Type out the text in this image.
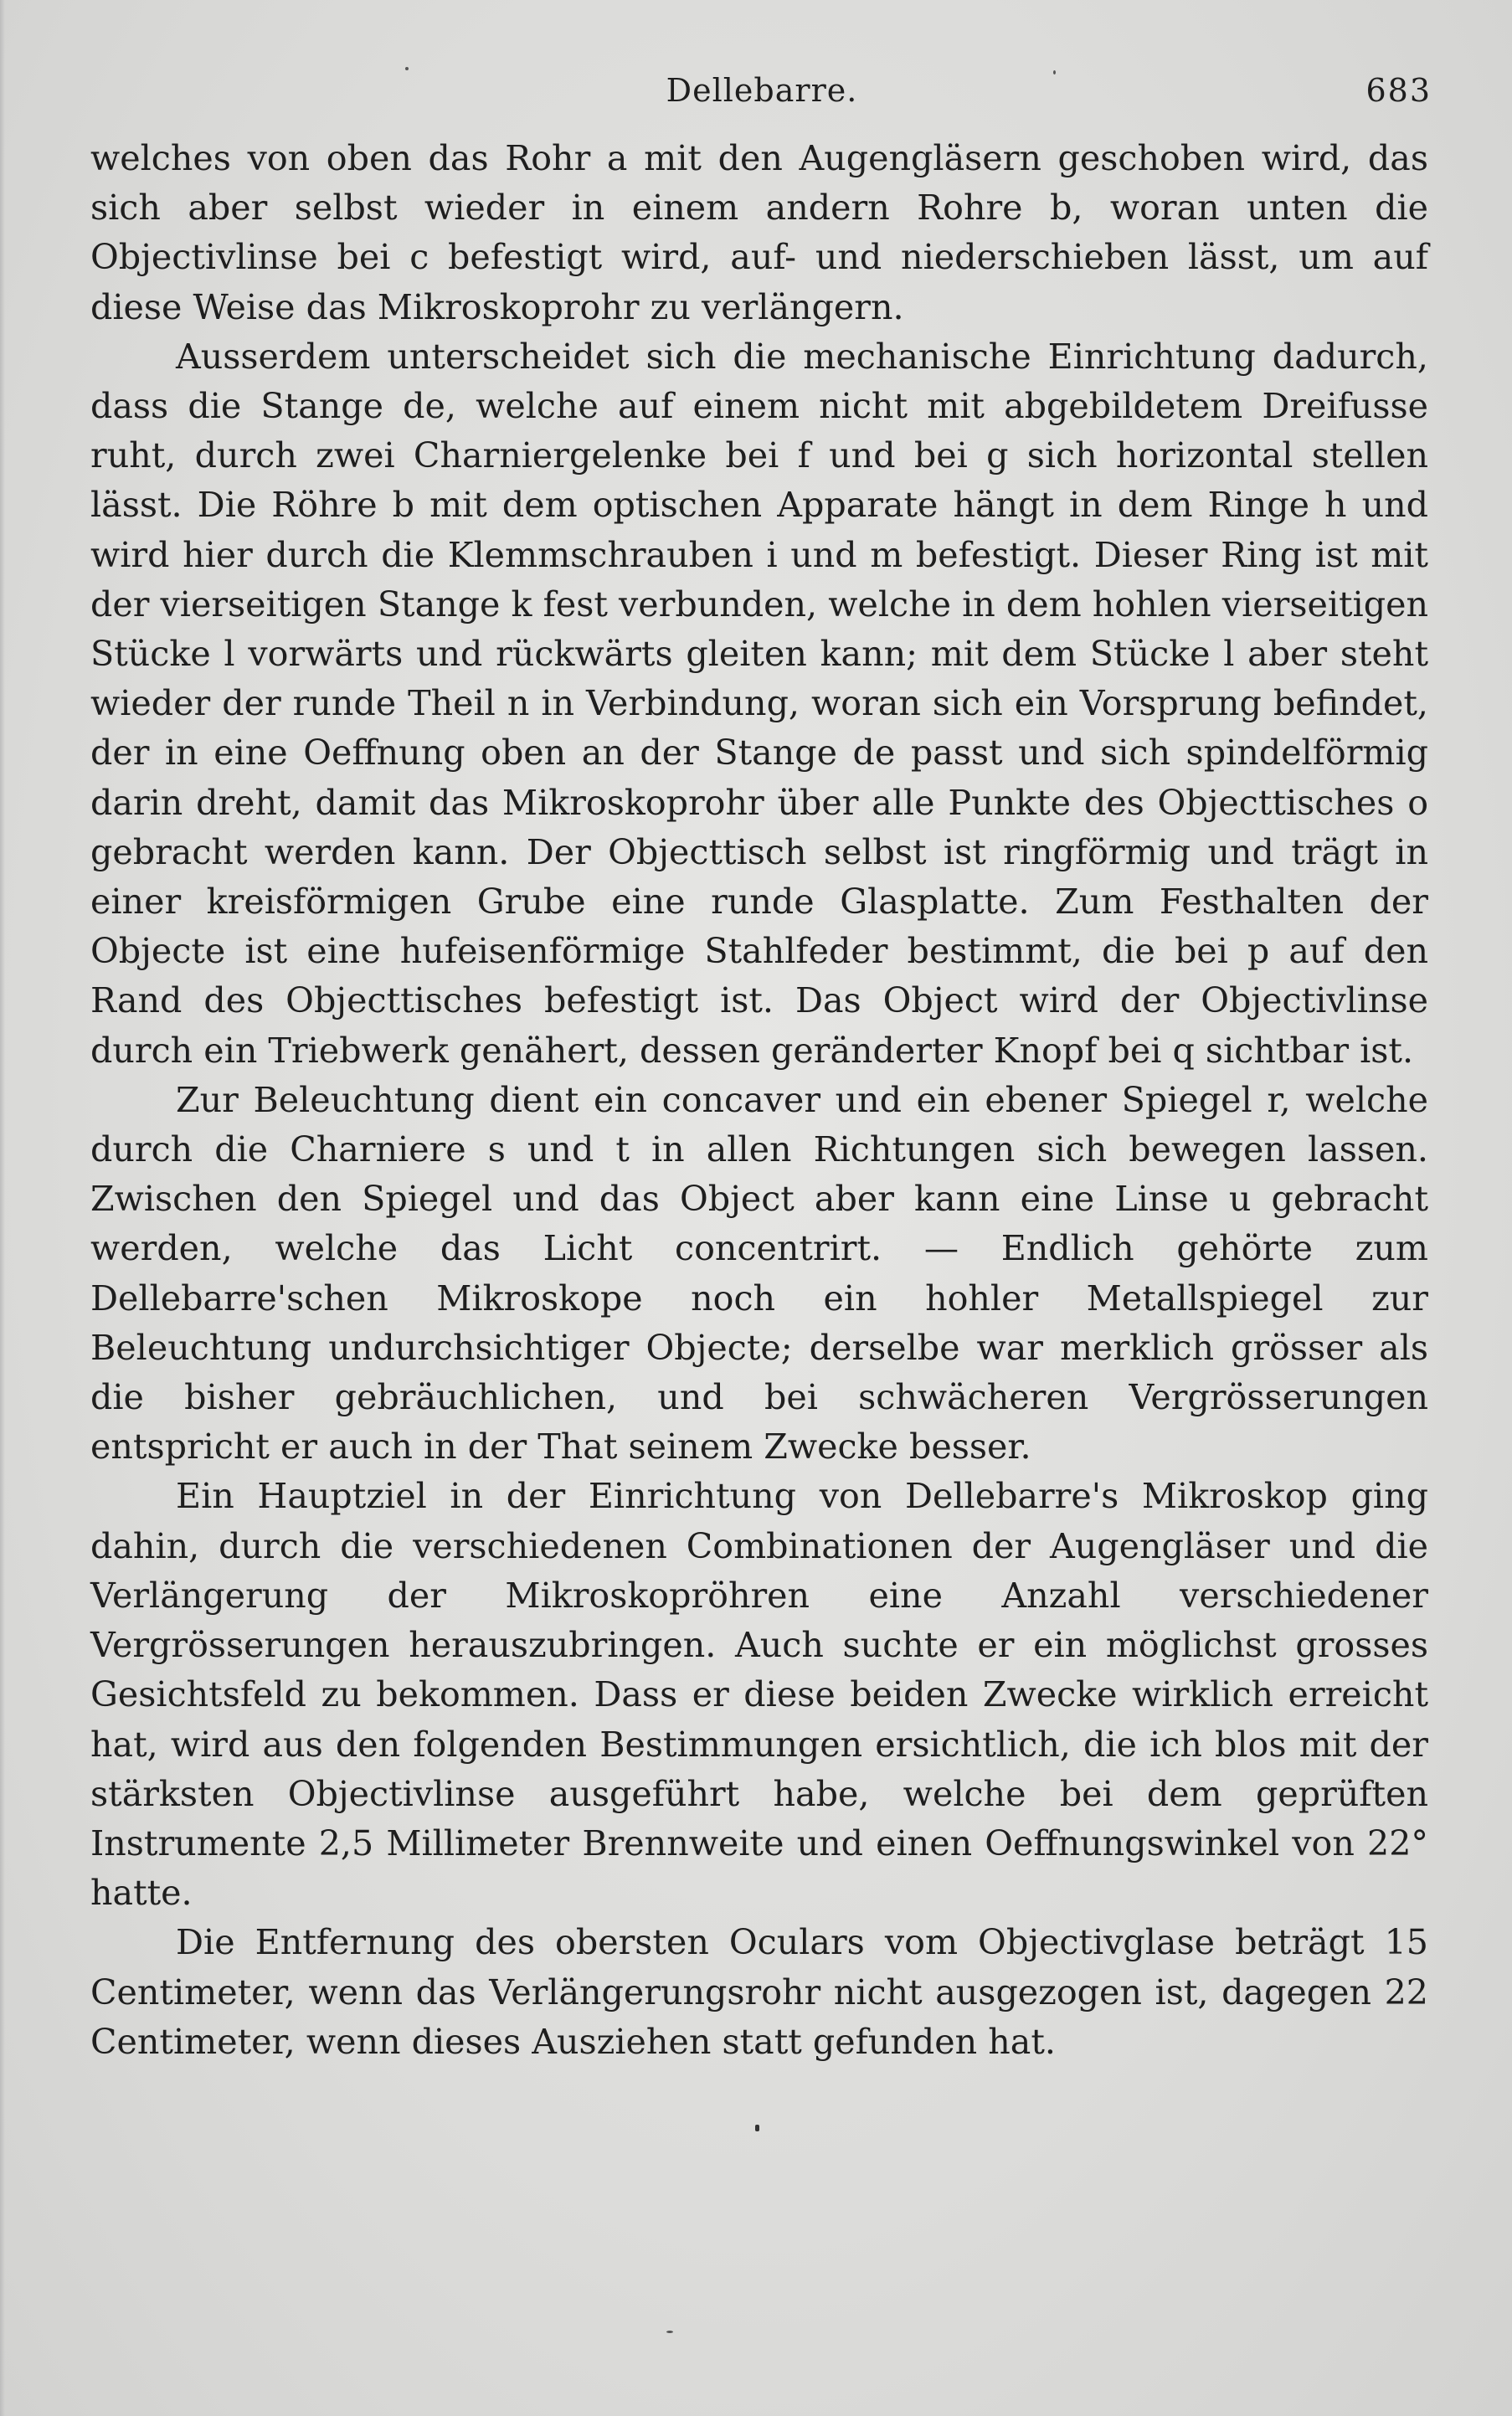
Dellebarre.	683

welches von oben das Rohr a mit den Augengläsern geschoben wird, das sich aber selbst wieder in einem andern Rohre b, woran unten die Objectivlinse bei c befestigt wird, auf- und niederschieben lässt, um auf diese Weise das Mikroskoprohr zu verlängern.

Ausserdem unterscheidet sich die mechanische Einrichtung dadurch, dass die Stange de, welche auf einem nicht mit abgebildetem Dreifusse ruht, durch zwei Charniergelenke bei f und bei g sich horizontal stellen lässt. Die Röhre b mit dem optischen Apparate hängt in dem Ringe h und wird hier durch die Klemmschrauben i und m befestigt. Dieser Ring ist mit der vierseitigen Stange k fest verbunden, welche in dem hohlen vierseitigen Stücke l vorwärts und rückwärts gleiten kann; mit dem Stücke l aber steht wieder der runde Theil n in Verbindung, woran sich ein Vorsprung befindet, der in eine Oeffnung oben an der Stange de passt und sich spindelförmig darin dreht, damit das Mikroskoprohr über alle Punkte des Objecttisches o gebracht werden kann. Der Objecttisch selbst ist ringförmig und trägt in einer kreisförmigen Grube eine runde Glasplatte. Zum Festhalten der Objecte ist eine hufeisenförmige Stahlfeder bestimmt, die bei p auf den Rand des Objecttisches befestigt ist. Das Object wird der Objectivlinse durch ein Triebwerk genähert, dessen geränderter Knopf bei q sichtbar ist.

Zur Beleuchtung dient ein concaver und ein ebener Spiegel r, welche durch die Charniere s und t in allen Richtungen sich bewegen lassen. Zwischen den Spiegel und das Object aber kann eine Linse u gebracht werden, welche das Licht concentrirt. — Endlich gehörte zum Dellebarre'schen Mikroskope noch ein hohler Metallspiegel zur Beleuchtung undurchsichtiger Objecte; derselbe war merklich grösser als die bisher gebräuchlichen, und bei schwächeren Vergrösserungen entspricht er auch in der That seinem Zwecke besser.

Ein Hauptziel in der Einrichtung von Dellebarre's Mikroskop ging dahin, durch die verschiedenen Combinationen der Augengläser und die Verlängerung der Mikroskopröhren eine Anzahl verschiedener Vergrösserungen herauszubringen. Auch suchte er ein möglichst grosses Gesichtsfeld zu bekommen. Dass er diese beiden Zwecke wirklich erreicht hat, wird aus den folgenden Bestimmungen ersichtlich, die ich blos mit der stärksten Objectivlinse ausgeführt habe, welche bei dem geprüften Instrumente 2,5 Millimeter Brennweite und einen Oeffnungswinkel von 22° hatte.

Die Entfernung des obersten Oculars vom Objectivglase beträgt 15 Centimeter, wenn das Verlängerungsrohr nicht ausgezogen ist, dagegen 22 Centimeter, wenn dieses Ausziehen statt gefunden hat.
